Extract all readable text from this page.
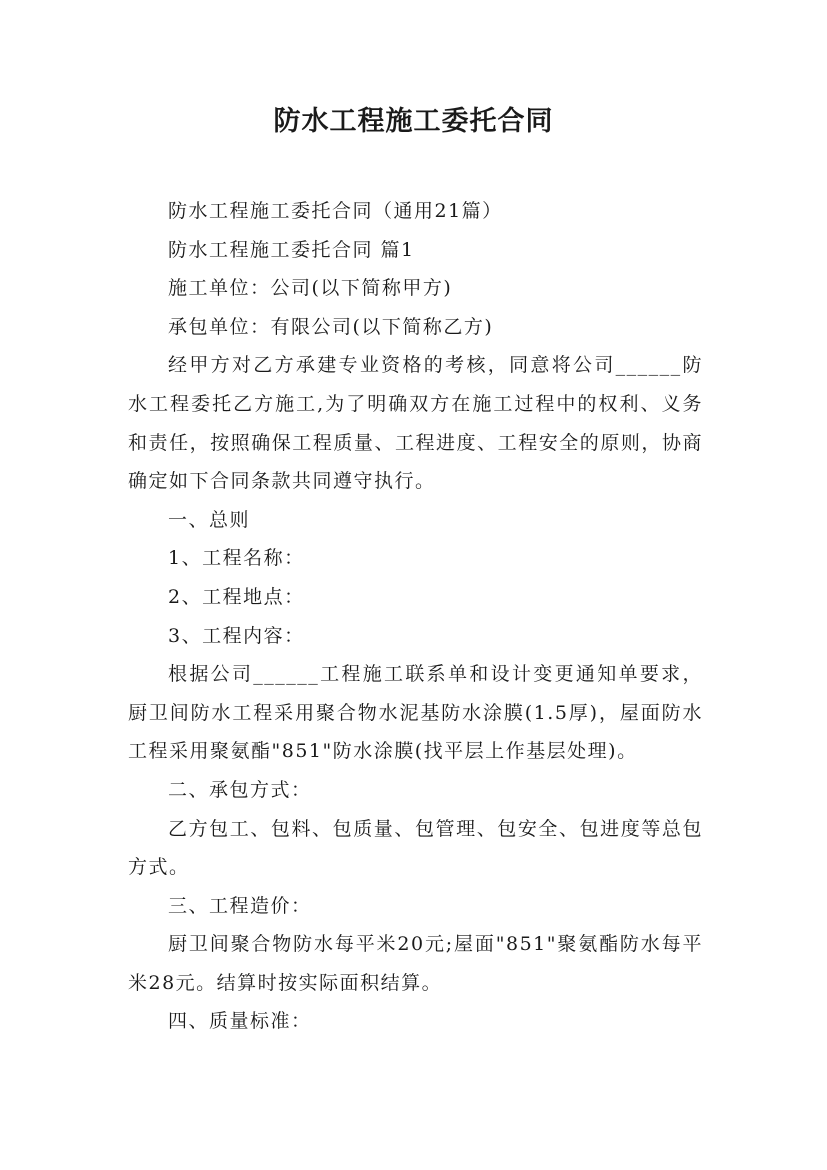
防水工程施工委托合同

防水工程施工委托合同（通用21篇）

防水工程施工委托合同 篇1

施工单位：公司(以下简称甲方)

承包单位：有限公司(以下简称乙方)

经甲方对乙方承建专业资格的考核，同意将公司______防水工程委托乙方施工,为了明确双方在施工过程中的权利、义务和责任，按照确保工程质量、工程进度、工程安全的原则，协商确定如下合同条款共同遵守执行。

一、总则

1、工程名称：

2、工程地点：

3、工程内容：

根据公司______工程施工联系单和设计变更通知单要求，厨卫间防水工程采用聚合物水泥基防水涂膜(1.5厚)，屋面防水工程采用聚氨酯"851"防水涂膜(找平层上作基层处理)。

二、承包方式：

乙方包工、包料、包质量、包管理、包安全、包进度等总包方式。

三、工程造价：

厨卫间聚合物防水每平米20元;屋面"851"聚氨酯防水每平米28元。结算时按实际面积结算。

四、质量标准：
